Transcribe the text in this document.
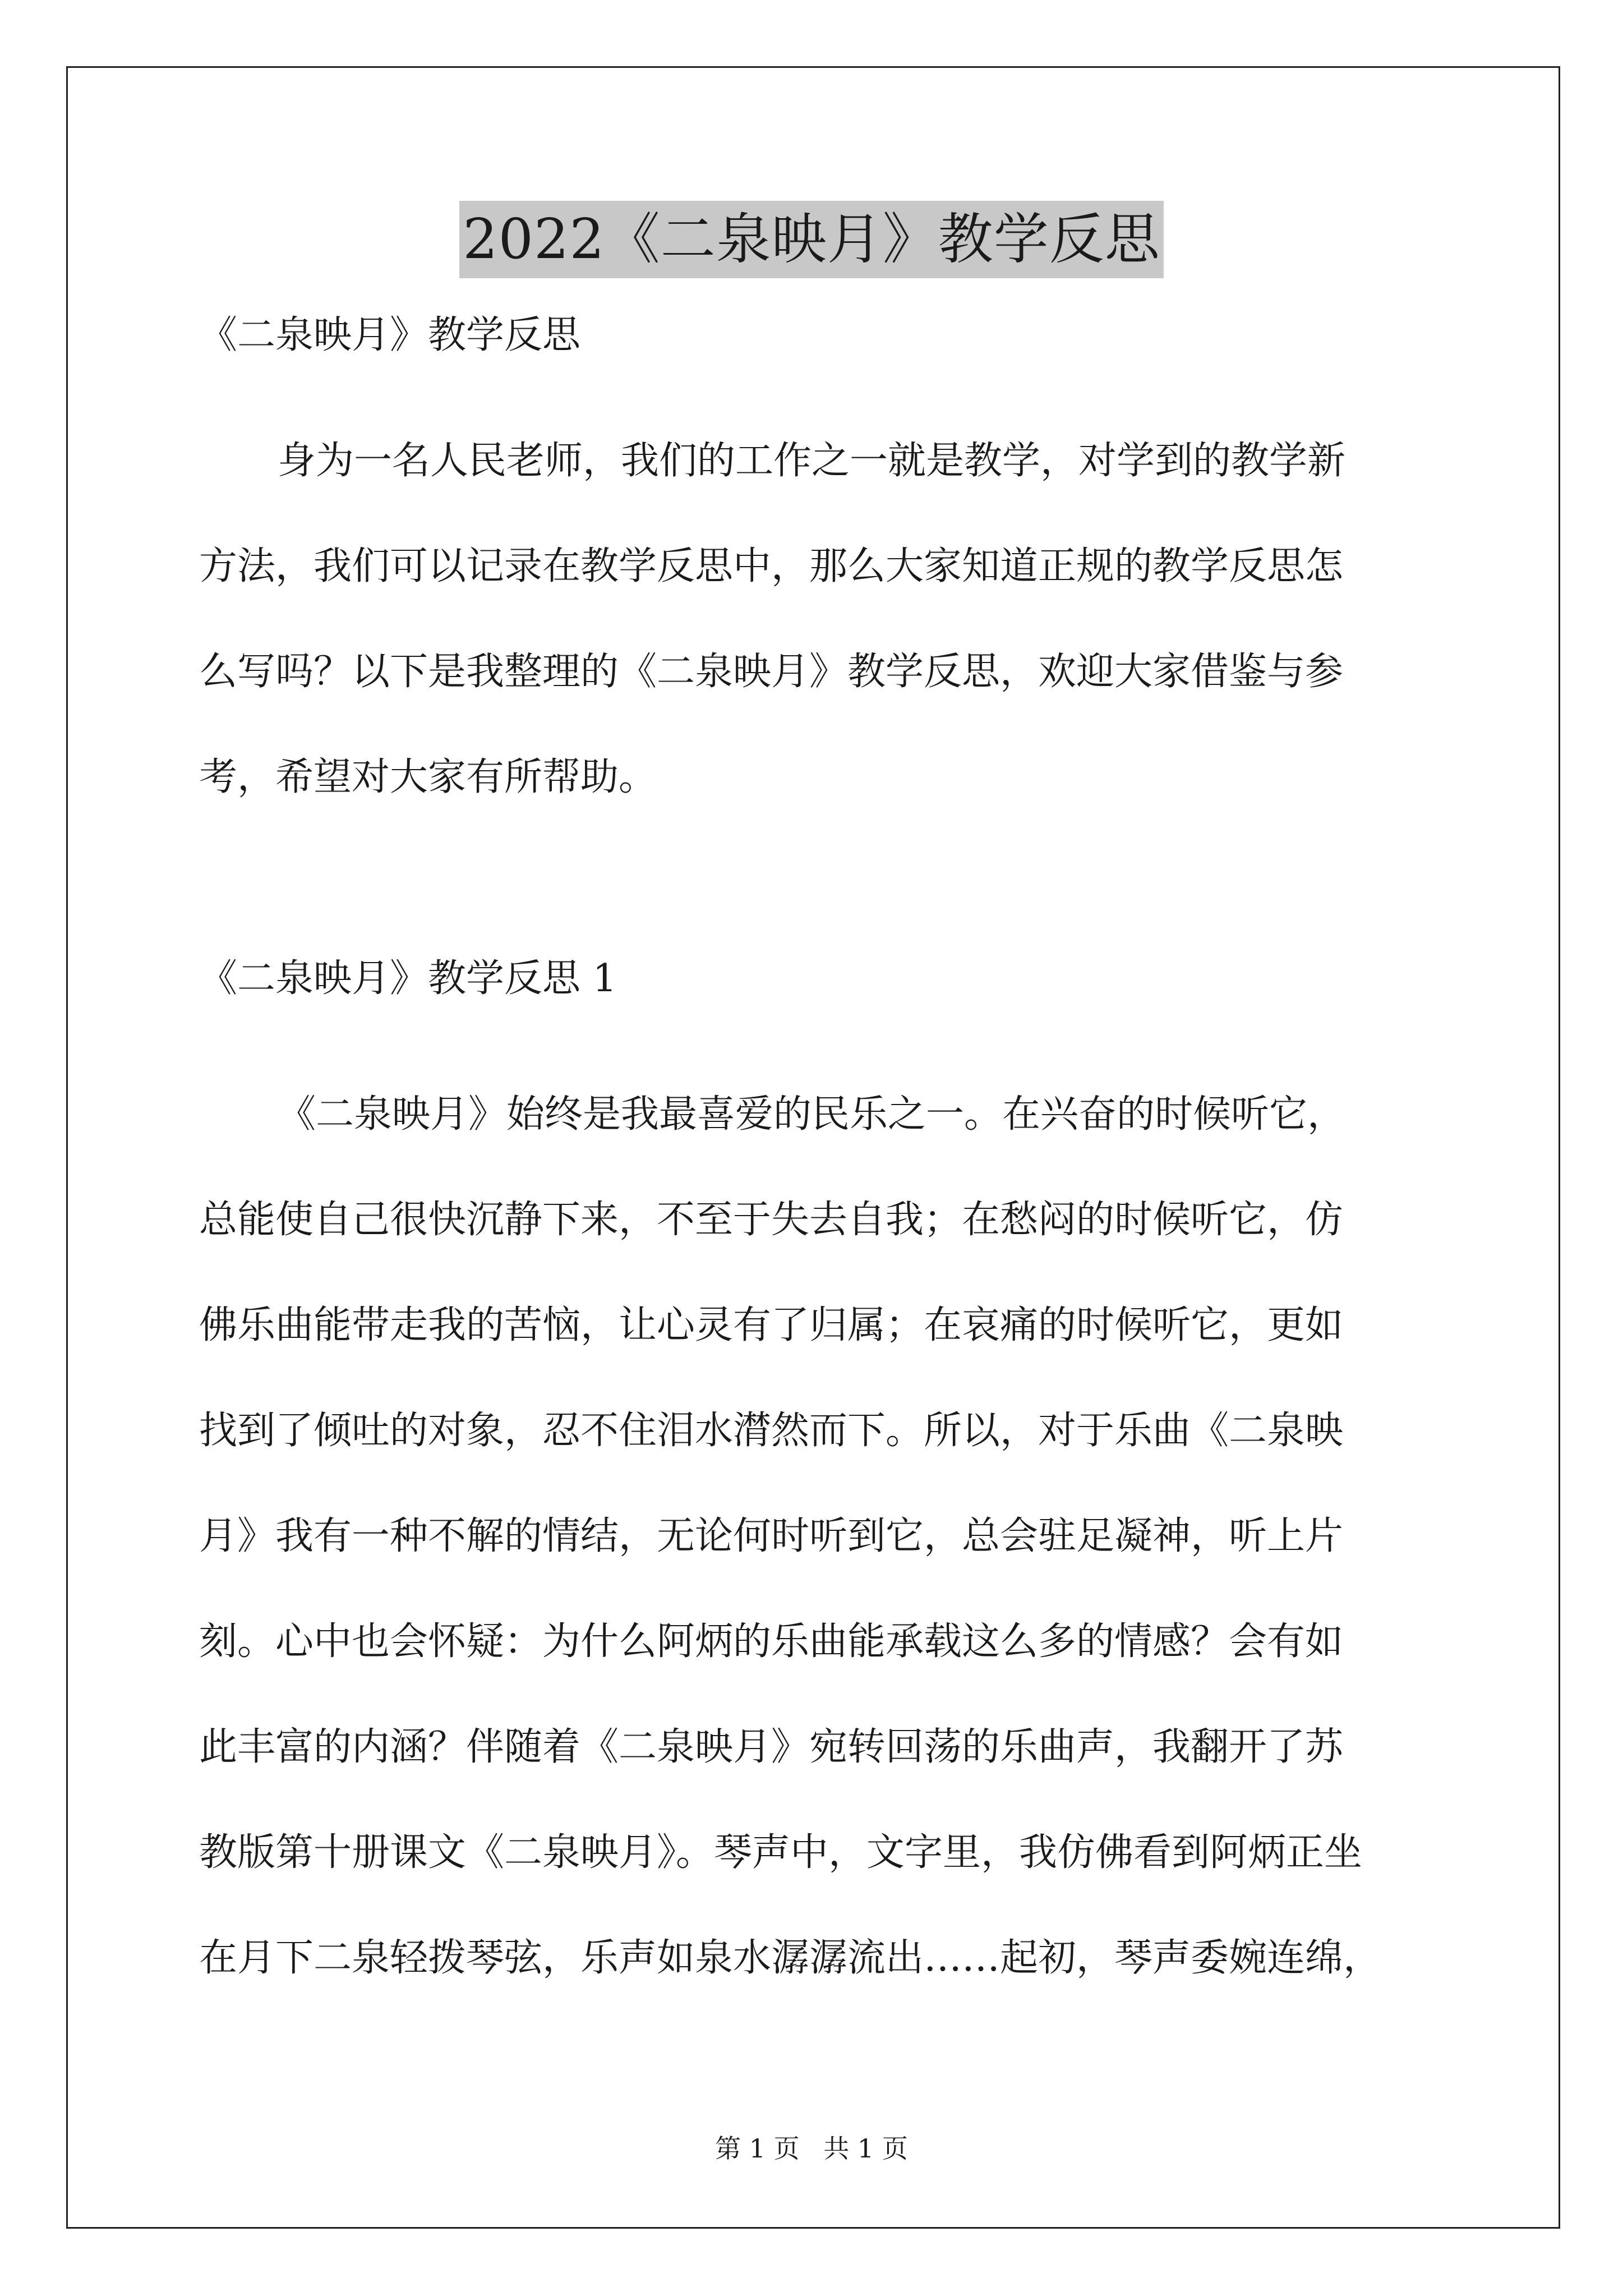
2022《二泉映月》教学反思

《二泉映月》教学反思

身为一名人民老师，我们的工作之一就是教学，对学到的教学新
方法，我们可以记录在教学反思中，那么大家知道正规的教学反思怎
么写吗？以下是我整理的《二泉映月》教学反思，欢迎大家借鉴与参
考，希望对大家有所帮助。

《二泉映月》教学反思 1

《二泉映月》始终是我最喜爱的民乐之一。在兴奋的时候听它，
总能使自己很快沉静下来，不至于失去自我；在愁闷的时候听它，仿
佛乐曲能带走我的苦恼，让心灵有了归属；在哀痛的时候听它，更如
找到了倾吐的对象，忍不住泪水潸然而下。所以，对于乐曲《二泉映
月》我有一种不解的情结，无论何时听到它，总会驻足凝神，听上片
刻。心中也会怀疑：为什么阿炳的乐曲能承载这么多的情感？会有如
此丰富的内涵？伴随着《二泉映月》宛转回荡的乐曲声，我翻开了苏
教版第十册课文《二泉映月》。琴声中，文字里，我仿佛看到阿炳正坐
在月下二泉轻拨琴弦，乐声如泉水潺潺流出……起初，琴声委婉连绵，

第 1 页 共 1 页
